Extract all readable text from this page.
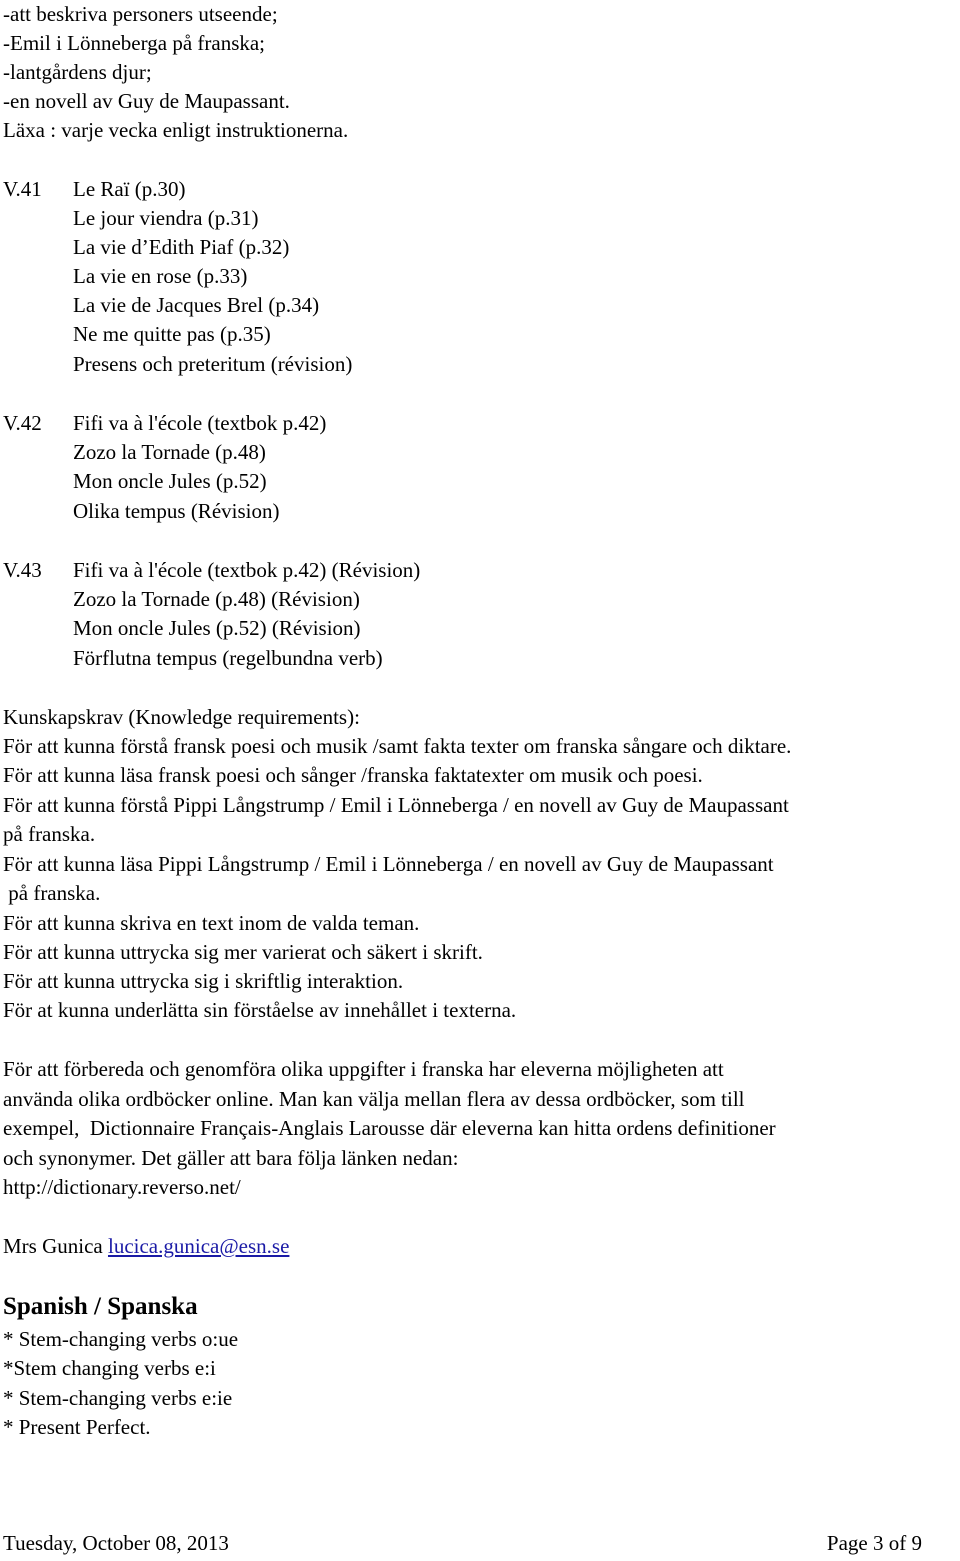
-att beskriva personers utseende;
-Emil i Lönneberga på franska;
-lantgårdens djur;
-en novell av Guy de Maupassant.
Läxa : varje vecka enligt instruktionerna.
V.41 Le Raï (p.30)
Le jour viendra (p.31)
La vie d’Edith Piaf (p.32)
La vie en rose (p.33)
La vie de Jacques Brel (p.34)
Ne me quitte pas (p.35)
Presens och preteritum (révision)
V.42 Fifi va à l'école (textbok p.42)
Zozo la Tornade (p.48)
Mon oncle Jules (p.52)
Olika tempus (Révision)
V.43 Fifi va à l'école (textbok p.42) (Révision)
Zozo la Tornade (p.48) (Révision)
Mon oncle Jules (p.52) (Révision)
Förflutna tempus (regelbundna verb)
Kunskapskrav (Knowledge requirements):
För att kunna förstå fransk poesi och musik /samt fakta texter om franska sångare och diktare.
För att kunna läsa fransk poesi och sånger /franska faktatexter om musik och poesi.
För att kunna förstå Pippi Långstrump / Emil i Lönneberga / en novell av Guy de Maupassant
på franska.
För att kunna läsa Pippi Långstrump / Emil i Lönneberga / en novell av Guy de Maupassant
på franska.
För att kunna skriva en text inom de valda teman.
För att kunna uttrycka sig mer varierat och säkert i skrift.
För att kunna uttrycka sig i skriftlig interaktion.
För at kunna underlätta sin förståelse av innehållet i texterna.
För att förbereda och genomföra olika uppgifter i franska har eleverna möjligheten att
använda olika ordböcker online. Man kan välja mellan flera av dessa ordböcker, som till
exempel,  Dictionnaire Français-Anglais Larousse där eleverna kan hitta ordens definitioner
och synonymer. Det gäller att bara följa länken nedan:
http://dictionary.reverso.net/
Mrs Gunica lucica.gunica@esn.se
Spanish / Spanska
* Stem-changing verbs o:ue
*Stem changing verbs e:i
* Stem-changing verbs e:ie
* Present Perfect.
Tuesday, October 08, 2013	Page 3 of 9
